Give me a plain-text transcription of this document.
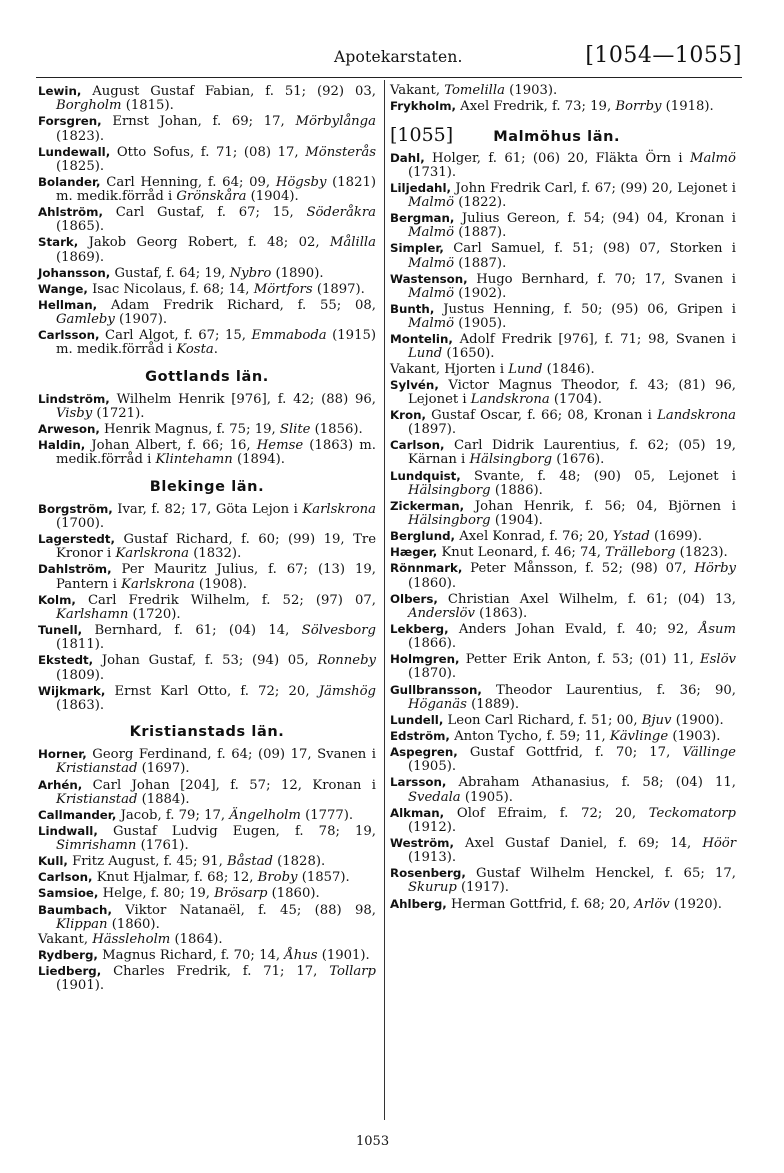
Apotekarstaten.	[1054—1055]
Lewin, August Gustaf Fabian, f. 51; (92) 03, Borgholm (1815).
Forsgren, Ernst Johan, f. 69; 17, Mörbylånga (1823).
Lundewall, Otto Sofus, f. 71; (08) 17, Mönsterås (1825).
Bolander, Carl Henning, f. 64; 09, Högsby (1821) m. medik.förråd i Grönskåra (1904).
Ahlström, Carl Gustaf, f. 67; 15, Söderåkra (1865).
Stark, Jakob Georg Robert, f. 48; 02, Målilla (1869).
Johansson, Gustaf, f. 64; 19, Nybro (1890).
Wange, Isac Nicolaus, f. 68; 14, Mörtfors (1897).
Hellman, Adam Fredrik Richard, f. 55; 08, Gamleby (1907).
Carlsson, Carl Algot, f. 67; 15, Emmaboda (1915) m. medik.förråd i Kosta.
Gottlands län.
Lindström, Wilhelm Henrik [976], f. 42; (88) 96, Visby (1721).
Arweson, Henrik Magnus, f. 75; 19, Slite (1856).
Haldin, Johan Albert, f. 66; 16, Hemse (1863) m. medik.förråd i Klintehamn (1894).
Blekinge län.
Borgström, Ivar, f. 82; 17, Göta Lejon i Karlskrona (1700).
Lagerstedt, Gustaf Richard, f. 60; (99) 19, Tre Kronor i Karlskrona (1832).
Dahlström, Per Mauritz Julius, f. 67; (13) 19, Pantern i Karlskrona (1908).
Kolm, Carl Fredrik Wilhelm, f. 52; (97) 07, Karlshamn (1720).
Tunell, Bernhard, f. 61; (04) 14, Sölvesborg (1811).
Ekstedt, Johan Gustaf, f. 53; (94) 05, Ronneby (1809).
Wijkmark, Ernst Karl Otto, f. 72; 20, Jämshög (1863).
Kristianstads län.
Horner, Georg Ferdinand, f. 64; (09) 17, Svanen i Kristianstad (1697).
Arhén, Carl Johan [204], f. 57; 12, Kronan i Kristianstad (1884).
Callmander, Jacob, f. 79; 17, Ängelholm (1777).
Lindwall, Gustaf Ludvig Eugen, f. 78; 19, Simrishamn (1761).
Kull, Fritz August, f. 45; 91, Båstad (1828).
Carlson, Knut Hjalmar, f. 68; 12, Broby (1857).
Samsioe, Helge, f. 80; 19, Brösarp (1860).
Baumbach, Viktor Natanaël, f. 45; (88) 98, Klippan (1860).
Vakant, Hässleholm (1864).
Rydberg, Magnus Richard, f. 70; 14, Åhus (1901).
Liedberg, Charles Fredrik, f. 71; 17, Tollarp (1901).
Vakant, Tomelilla (1903).
Frykholm, Axel Fredrik, f. 73; 19, Borrby (1918).
[1055]	Malmöhus län.
Dahl, Holger, f. 61; (06) 20, Fläkta Örn i Malmö (1731).
Liljedahl, John Fredrik Carl, f. 67; (99) 20, Lejonet i Malmö (1822).
Bergman, Julius Gereon, f. 54; (94) 04, Kronan i Malmö (1887).
Simpler, Carl Samuel, f. 51; (98) 07, Storken i Malmö (1887).
Wastenson, Hugo Bernhard, f. 70; 17, Svanen i Malmö (1902).
Bunth, Justus Henning, f. 50; (95) 06, Gripen i Malmö (1905).
Montelin, Adolf Fredrik [976], f. 71; 98, Svanen i Lund (1650).
Vakant, Hjorten i Lund (1846).
Sylvén, Victor Magnus Theodor, f. 43; (81) 96, Lejonet i Landskrona (1704).
Kron, Gustaf Oscar, f. 66; 08, Kronan i Landskrona (1897).
Carlson, Carl Didrik Laurentius, f. 62; (05) 19, Kärnan i Hälsingborg (1676).
Lundquist, Svante, f. 48; (90) 05, Lejonet i Hälsingborg (1886).
Zickerman, Johan Henrik, f. 56; 04, Björnen i Hälsingborg (1904).
Berglund, Axel Konrad, f. 76; 20, Ystad (1699).
Hæger, Knut Leonard, f. 46; 74, Trälleborg (1823).
Rönnmark, Peter Månsson, f. 52; (98) 07, Hörby (1860).
Olbers, Christian Axel Wilhelm, f. 61; (04) 13, Anderslöv (1863).
Lekberg, Anders Johan Evald, f. 40; 92, Åsum (1866).
Holmgren, Petter Erik Anton, f. 53; (01) 11, Eslöv (1870).
Gullbransson, Theodor Laurentius, f. 36; 90, Höganäs (1889).
Lundell, Leon Carl Richard, f. 51; 00, Bjuv (1900).
Edström, Anton Tycho, f. 59; 11, Kävlinge (1903).
Aspegren, Gustaf Gottfrid, f. 70; 17, Vällinge (1905).
Larsson, Abraham Athanasius, f. 58; (04) 11, Svedala (1905).
Alkman, Olof Efraim, f. 72; 20, Teckomatorp (1912).
Weström, Axel Gustaf Daniel, f. 69; 14, Höör (1913).
Rosenberg, Gustaf Wilhelm Henckel, f. 65; 17, Skurup (1917).
Ahlberg, Herman Gottfrid, f. 68; 20, Arlöv (1920).
1053
